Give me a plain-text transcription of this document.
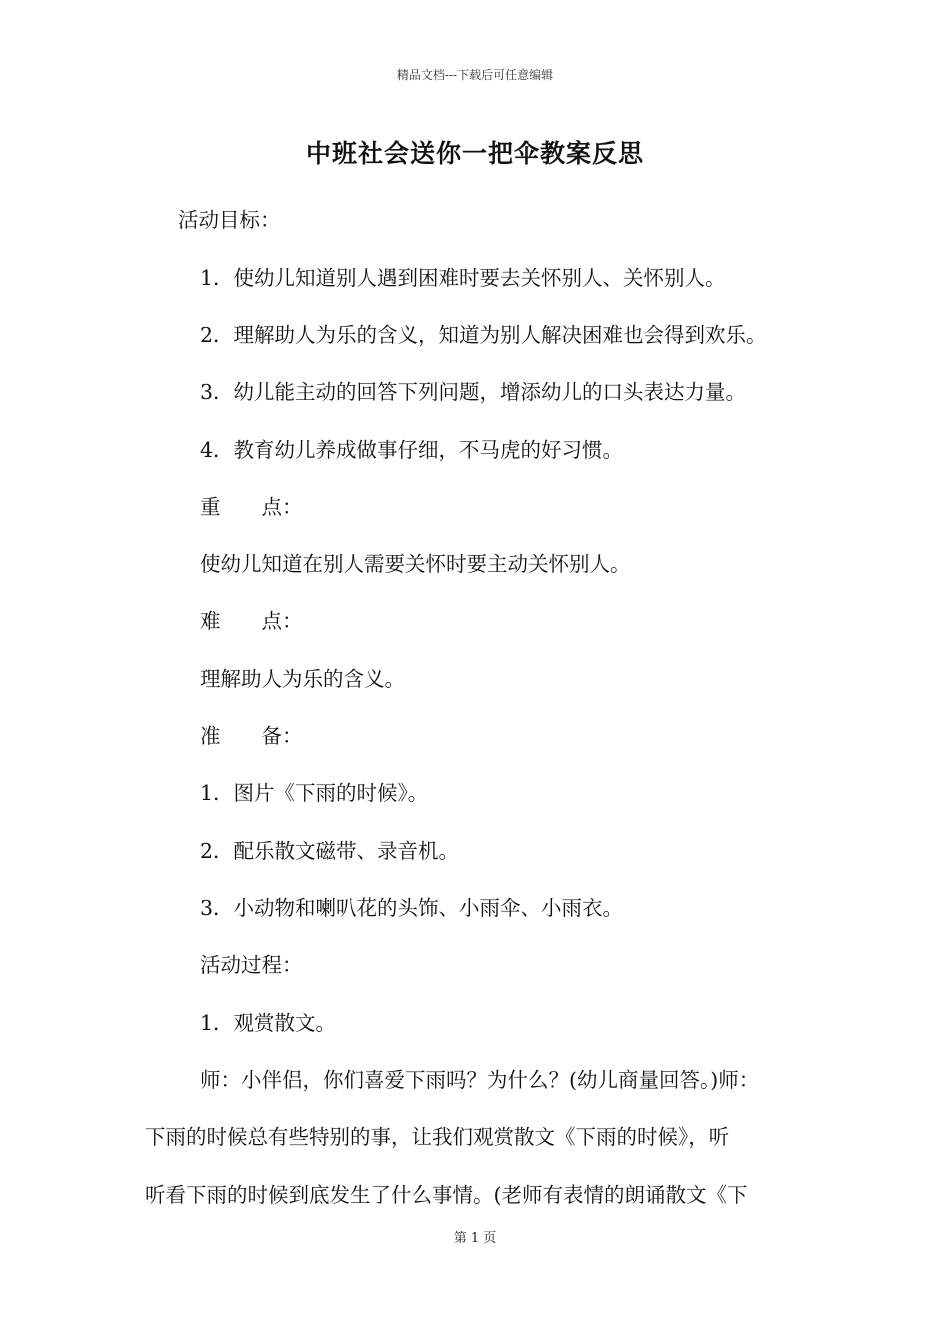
精品文档---下载后可任意编辑
中班社会送你一把伞教案反思
活动目标：
1．使幼儿知道别人遇到困难时要去关怀别人、关怀别人。
2．理解助人为乐的含义，知道为别人解决困难也会得到欢乐。
3．幼儿能主动的回答下列问题，增添幼儿的口头表达力量。
4．教育幼儿养成做事仔细，不马虎的好习惯。
重　　点：
使幼儿知道在别人需要关怀时要主动关怀别人。
难　　点：
理解助人为乐的含义。
准　　备：
1．图片《下雨的时候》。
2．配乐散文磁带、录音机。
3．小动物和喇叭花的头饰、小雨伞、小雨衣。
活动过程：
1．观赏散文。
师：小伴侣，你们喜爱下雨吗？为什么？(幼儿商量回答。)师：
下雨的时候总有些特别的事，让我们观赏散文《下雨的时候》，听
听看下雨的时候到底发生了什么事情。(老师有表情的朗诵散文《下
第 1 页
